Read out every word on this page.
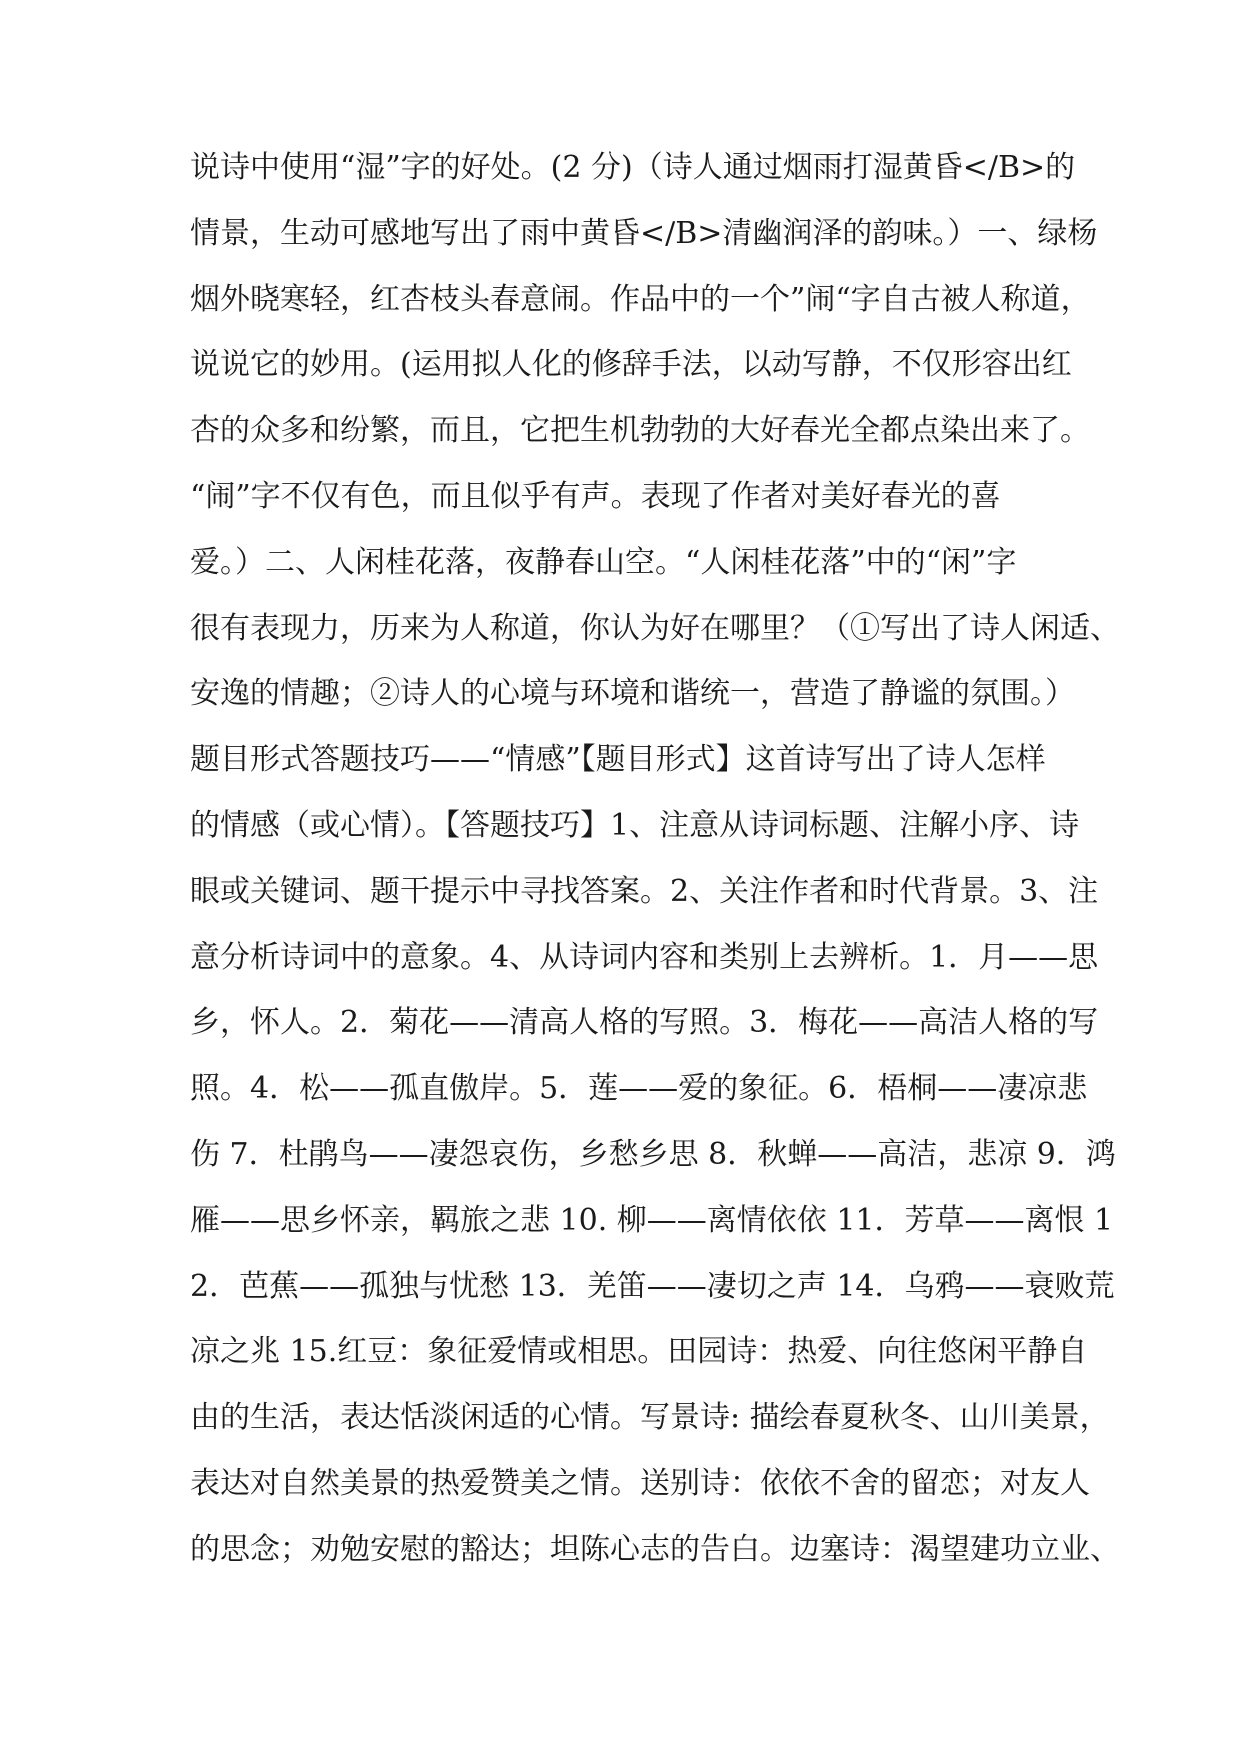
说诗中使用“湿”字的好处。(2 分)（诗人通过烟雨打湿黄昏</B>的
情景，生动可感地写出了雨中黄昏</B>清幽润泽的韵味。）一、绿杨
烟外晓寒轻，红杏枝头春意闹。作品中的一个”闹“字自古被人称道，
说说它的妙用。(运用拟人化的修辞手法，以动写静，不仅形容出红
杏的众多和纷繁，而且，它把生机勃勃的大好春光全都点染出来了。
“闹”字不仅有色，而且似乎有声。表现了作者对美好春光的喜
爱。）二、人闲桂花落，夜静春山空。“人闲桂花落”中的“闲”字
很有表现力，历来为人称道，你认为好在哪里？（①写出了诗人闲适、
安逸的情趣；②诗人的心境与环境和谐统一，营造了静谧的氛围。）
题目形式答题技巧——“情感”【题目形式】这首诗写出了诗人怎样
的情感（或心情）。【答题技巧】1、注意从诗词标题、注解小序、诗
眼或关键词、题干提示中寻找答案。2、关注作者和时代背景。3、注
意分析诗词中的意象。4、从诗词内容和类别上去辨析。1．月——思
乡，怀人。2．菊花——清高人格的写照。3．梅花——高洁人格的写
照。4．松——孤直傲岸。5．莲——爱的象征。6．梧桐——凄凉悲
伤 7．杜鹃鸟——凄怨哀伤，乡愁乡思 8．秋蝉——高洁，悲凉 9．鸿
雁——思乡怀亲，羁旅之悲 10. 柳——离情依依 11．芳草——离恨 1
2．芭蕉——孤独与忧愁 13．羌笛——凄切之声 14．乌鸦——衰败荒
凉之兆 15.红豆：象征爱情或相思。田园诗：热爱、向往悠闲平静自
由的生活，表达恬淡闲适的心情。写景诗: 描绘春夏秋冬、山川美景，
表达对自然美景的热爱赞美之情。送别诗：依依不舍的留恋；对友人
的思念；劝勉安慰的豁达；坦陈心志的告白。边塞诗：渴望建功立业、
